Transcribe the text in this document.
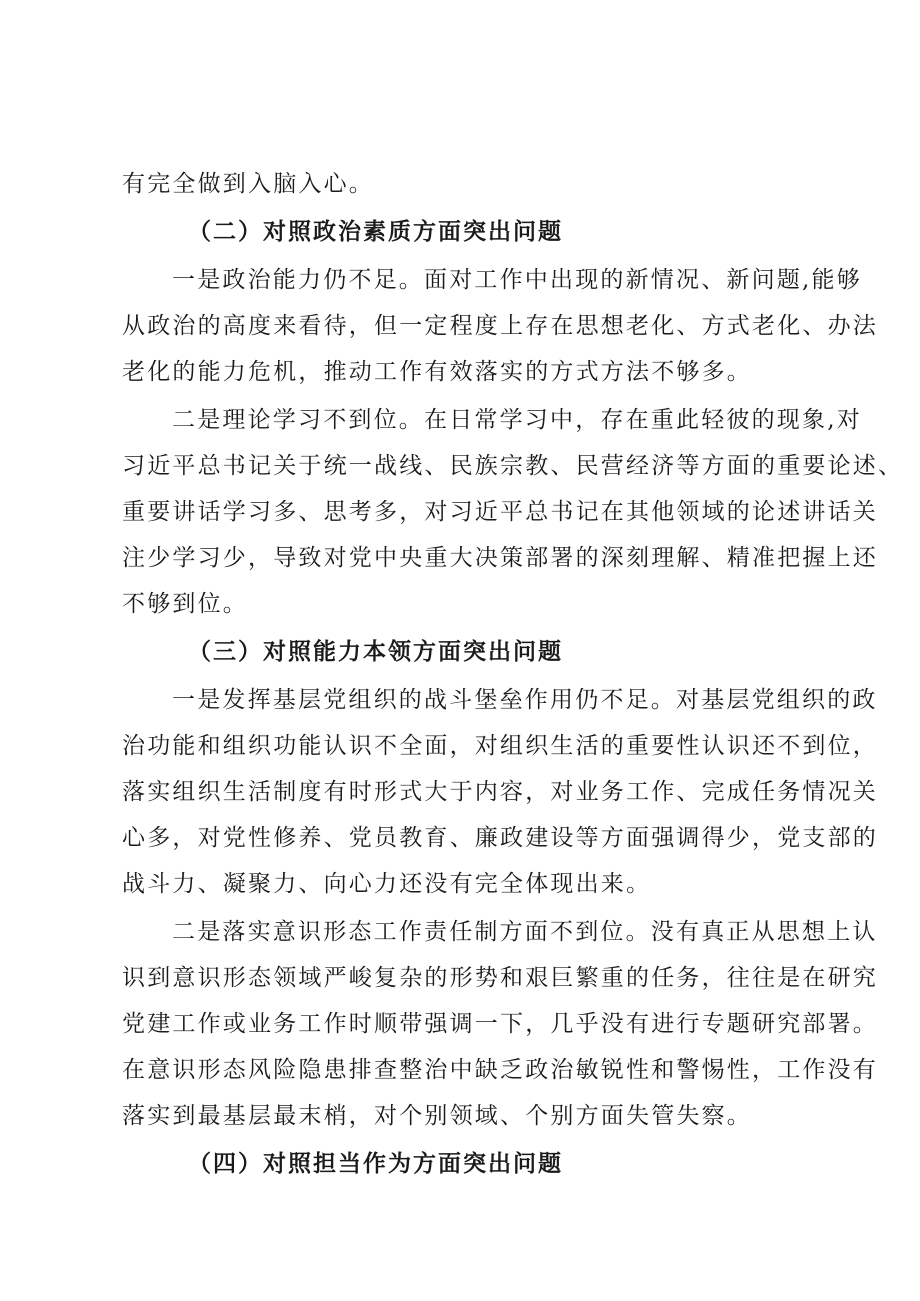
有完全做到入脑入心。
（二）对照政治素质方面突出问题
一是政治能力仍不足。面对工作中出现的新情况、新问题,能够
从政治的高度来看待，但一定程度上存在思想老化、方式老化、办法
老化的能力危机，推动工作有效落实的方式方法不够多。
二是理论学习不到位。在日常学习中，存在重此轻彼的现象,对
习近平总书记关于统一战线、民族宗教、民营经济等方面的重要论述、
重要讲话学习多、思考多，对习近平总书记在其他领域的论述讲话关
注少学习少，导致对党中央重大决策部署的深刻理解、精准把握上还
不够到位。
（三）对照能力本领方面突出问题
一是发挥基层党组织的战斗堡垒作用仍不足。对基层党组织的政
治功能和组织功能认识不全面，对组织生活的重要性认识还不到位，
落实组织生活制度有时形式大于内容，对业务工作、完成任务情况关
心多，对党性修养、党员教育、廉政建设等方面强调得少，党支部的
战斗力、凝聚力、向心力还没有完全体现出来。
二是落实意识形态工作责任制方面不到位。没有真正从思想上认
识到意识形态领域严峻复杂的形势和艰巨繁重的任务，往往是在研究
党建工作或业务工作时顺带强调一下，几乎没有进行专题研究部署。
在意识形态风险隐患排查整治中缺乏政治敏锐性和警惕性，工作没有
落实到最基层最末梢，对个别领域、个别方面失管失察。
（四）对照担当作为方面突出问题
